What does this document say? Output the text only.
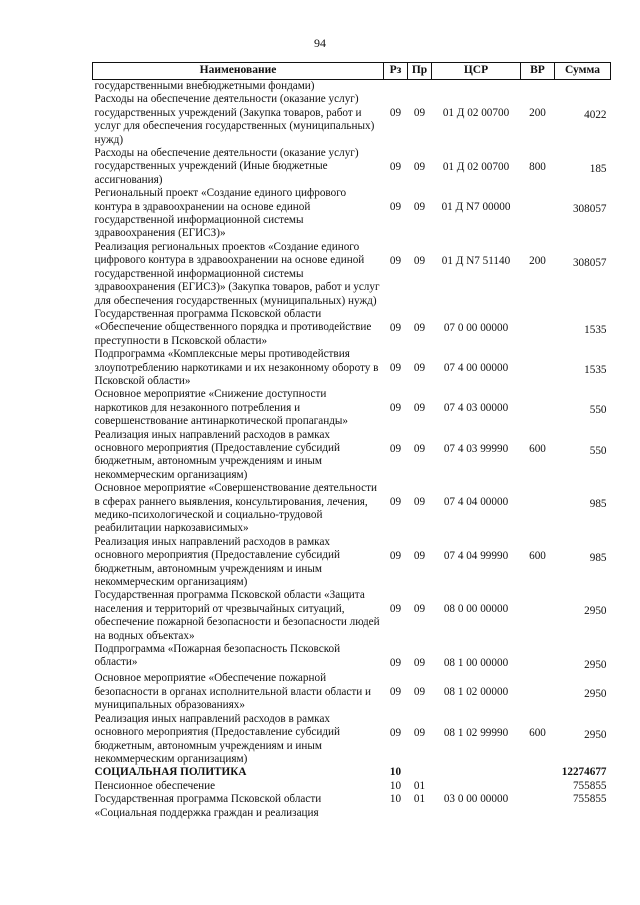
94
Наименование	Рз	Пр	ЦСР	ВР	Сумма
государственными внебюджетными фондами)					
Расходы на обеспечение деятельности (оказание услуг) государственных учреждений (Закупка товаров, работ и услуг для обеспечения государственных (муниципальных) нужд)	09	09	01 Д 02 00700	200	4022
Расходы на обеспечение деятельности (оказание услуг) государственных учреждений (Иные бюджетные ассигнования)	09	09	01 Д 02 00700	800	185
Региональный проект «Создание единого цифрового контура в здравоохранении на основе единой государственной информационной системы здравоохранения (ЕГИСЗ)»	09	09	01 Д N7 00000		308057
Реализация региональных проектов «Создание единого цифрового контура в здравоохранении на основе единой государственной информационной системы здравоохранения (ЕГИСЗ)» (Закупка товаров, работ и услуг для обеспечения государственных (муниципальных) нужд)	09	09	01 Д N7 51140	200	308057
Государственная программа Псковской области «Обеспечение общественного порядка и противодействие преступности в Псковской области»	09	09	07 0 00 00000		1535
Подпрограмма «Комплексные меры противодействия злоупотреблению наркотиками и их незаконному обороту в Псковской области»	09	09	07 4 00 00000		1535
Основное мероприятие «Снижение доступности наркотиков для незаконного потребления и совершенствование антинаркотической пропаганды»	09	09	07 4 03 00000		550
Реализация иных направлений расходов в рамках основного мероприятия (Предоставление субсидий бюджетным, автономным учреждениям и иным некоммерческим организациям)	09	09	07 4 03 99990	600	550
Основное мероприятие «Совершенствование деятельности в сферах раннего выявления, консультирования, лечения, медико-психологической и социально-трудовой реабилитации наркозависимых»	09	09	07 4 04 00000		985
Реализация иных направлений расходов в рамках основного мероприятия (Предоставление субсидий бюджетным, автономным учреждениям и иным некоммерческим организациям)	09	09	07 4 04 99990	600	985
Государственная программа Псковской области «Защита населения и территорий от чрезвычайных ситуаций, обеспечение пожарной безопасности и безопасности людей на водных объектах»	09	09	08 0 00 00000		2950
Подпрограмма «Пожарная безопасность Псковской области»	09	09	08 1 00 00000		2950
Основное мероприятие «Обеспечение пожарной безопасности в органах исполнительной власти области и муниципальных образованиях»	09	09	08 1 02 00000		2950
Реализация иных направлений расходов в рамках основного мероприятия (Предоставление субсидий бюджетным, автономным учреждениям и иным некоммерческим организациям)	09	09	08 1 02 99990	600	2950
СОЦИАЛЬНАЯ ПОЛИТИКА	10				12274677
Пенсионное обеспечение	10	01			755855
Государственная программа Псковской области «Социальная поддержка граждан и реализация	10	01	03 0 00 00000		755855
